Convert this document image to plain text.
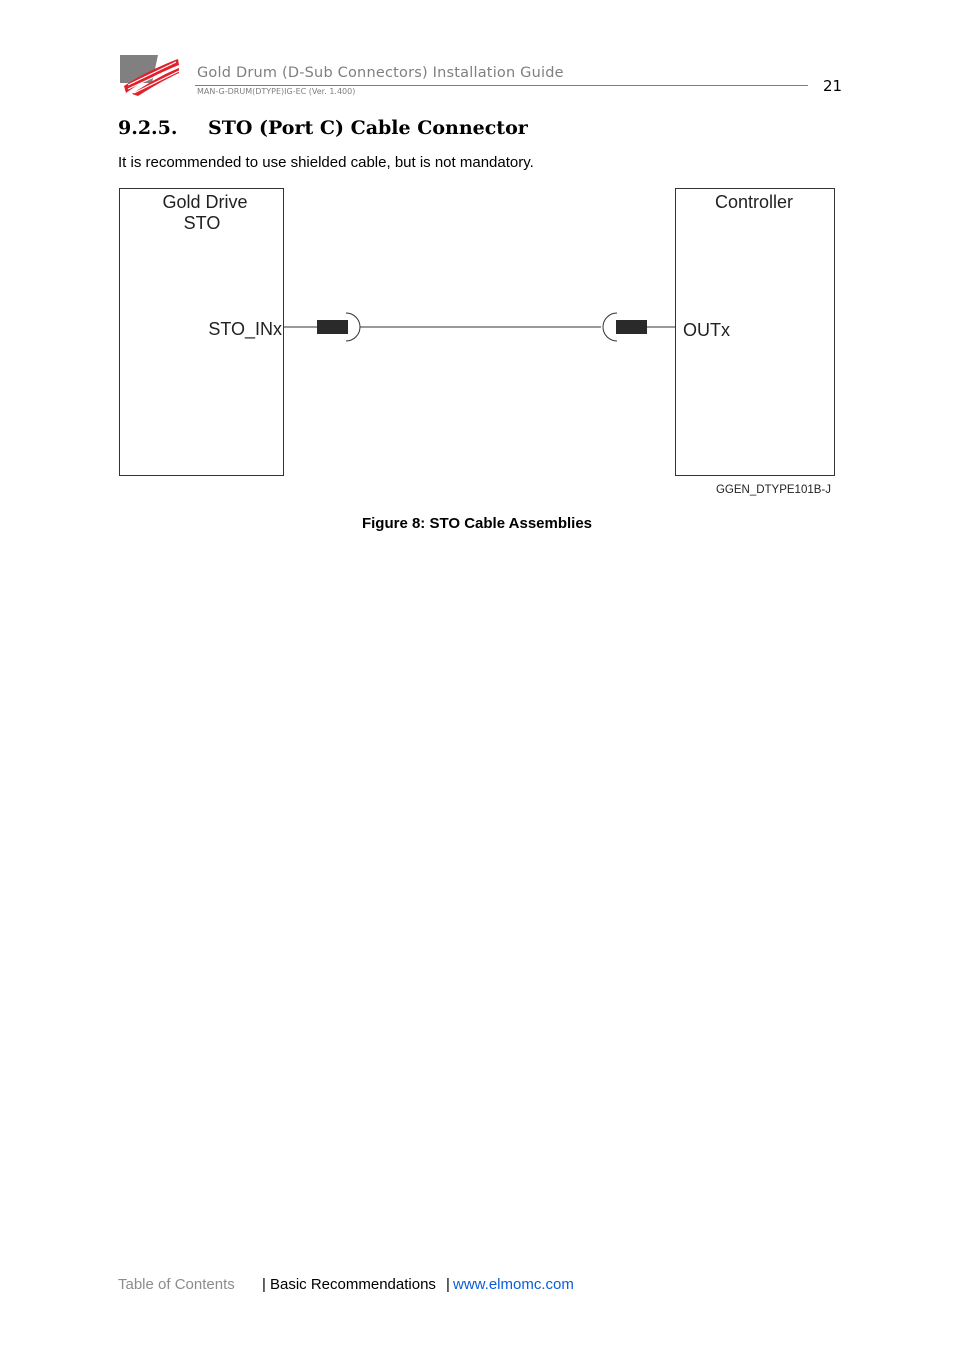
Gold Drum (D-Sub Connectors) Installation Guide
MAN-G-DRUM(DTYPE)IG-EC (Ver. 1.400)	21
9.2.5. STO (Port C) Cable Connector
It is recommended to use shielded cable, but is not mandatory.
Gold Drive
STO
STO_INx
Controller
OUTx
GGEN_DTYPE101B-J
Figure 8: STO Cable Assemblies
Table of Contents | Basic Recommendations | www.elmomc.com
